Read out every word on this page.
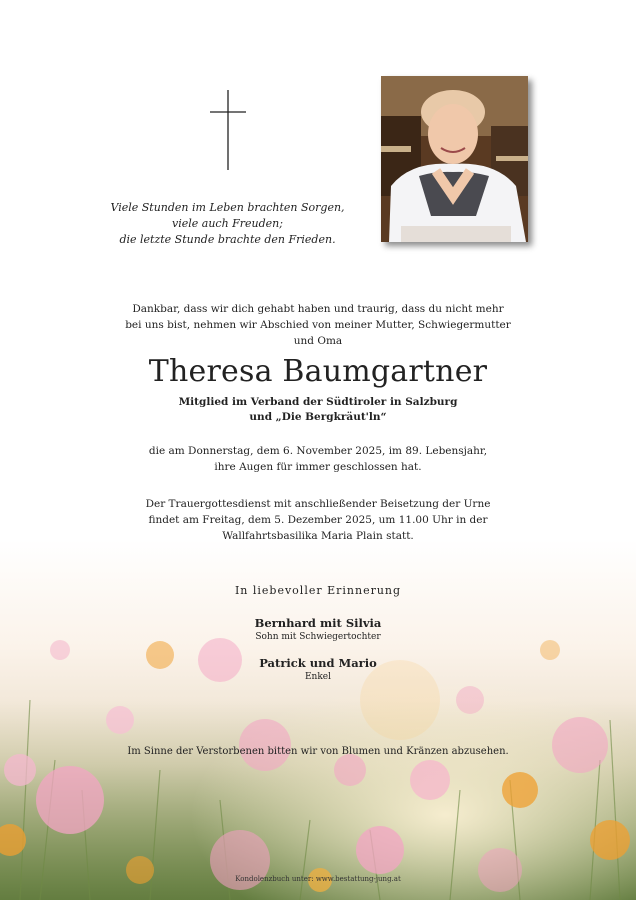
Viele Stunden im Leben brachten Sorgen,
viele auch Freuden;
die letzte Stunde brachte den Frieden.
Dankbar, dass wir dich gehabt haben und traurig, dass du nicht mehr
bei uns bist, nehmen wir Abschied von meiner Mutter, Schwiegermutter
und Oma
Theresa Baumgartner
Mitglied im Verband der Südtiroler in Salzburg
und „Die Bergkräut'ln“
die am Donnerstag, dem 6. November 2025, im 89. Lebensjahr,
ihre Augen für immer geschlossen hat.
Der Trauergottesdienst mit anschließender Beisetzung der Urne
findet am Freitag, dem 5. Dezember 2025, um 11.00 Uhr in der
Wallfahrtsbasilika Maria Plain statt.
In liebevoller Erinnerung
Bernhard mit Silvia
Sohn mit Schwiegertochter
Patrick und Mario
Enkel
Im Sinne der Verstorbenen bitten wir von Blumen und Kränzen abzusehen.
Kondolenzbuch unter: www.bestattung-jung.at
